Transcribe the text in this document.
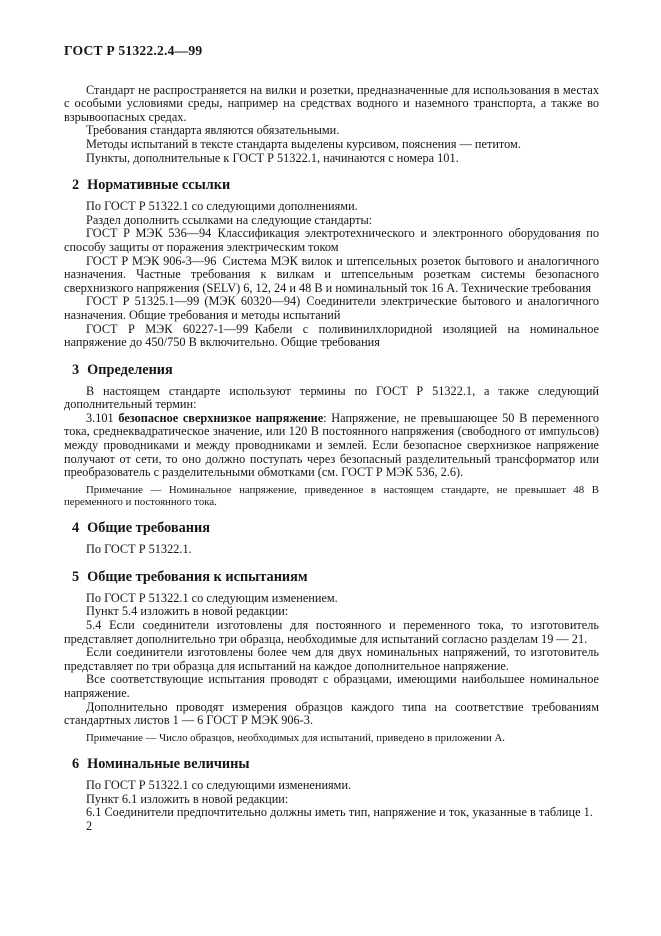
ГОСТ Р 51322.2.4—99

Стандарт не распространяется на вилки и розетки, предназначенные для использования в местах с особыми условиями среды, например на средствах водного и наземного транспорта, а также во взрывоопасных средах.

Требования стандарта являются обязательными.

Методы испытаний в тексте стандарта выделены курсивом, пояснения — петитом.

Пункты, дополнительные к ГОСТ Р 51322.1, начинаются с номера 101.

2 Нормативные ссылки

По ГОСТ Р 51322.1 со следующими дополнениями.

Раздел дополнить ссылками на следующие стандарты:

ГОСТ Р МЭК 536—94 Классификация электротехнического и электронного оборудования по способу защиты от поражения электрическим током

ГОСТ Р МЭК 906-3—96 Система МЭК вилок и штепсельных розеток бытового и аналогичного назначения. Частные требования к вилкам и штепсельным розеткам системы безопасного сверхнизкого напряжения (SELV) 6, 12, 24 и 48 В и номинальный ток 16 А. Технические требования

ГОСТ Р 51325.1—99 (МЭК 60320—94) Соединители электрические бытового и аналогичного назначения. Общие требования и методы испытаний

ГОСТ Р МЭК 60227-1—99 Кабели с поливинилхлоридной изоляцией на номинальное напряжение до 450/750 В включительно. Общие требования

3 Определения

В настоящем стандарте используют термины по ГОСТ Р 51322.1, а также следующий дополнительный термин:

3.101 безопасное сверхнизкое напряжение: Напряжение, не превышающее 50 В переменного тока, среднеквадратическое значение, или 120 В постоянного напряжения (свободного от импульсов) между проводниками и между проводниками и землей. Если безопасное сверхнизкое напряжение получают от сети, то оно должно поступать через безопасный разделительный трансформатор или преобразователь с разделительными обмотками (см. ГОСТ Р МЭК 536, 2.6).

Примечание — Номинальное напряжение, приведенное в настоящем стандарте, не превышает 48 В переменного и постоянного тока.

4 Общие требования

По ГОСТ Р 51322.1.

5 Общие требования к испытаниям

По ГОСТ Р 51322.1 со следующим изменением.

Пункт 5.4 изложить в новой редакции:

5.4 Если соединители изготовлены для постоянного и переменного тока, то изготовитель представляет дополнительно три образца, необходимые для испытаний согласно разделам 19 — 21.

Если соединители изготовлены более чем для двух номинальных напряжений, то изготовитель представляет по три образца для испытаний на каждое дополнительное напряжение.

Все соответствующие испытания проводят с образцами, имеющими наибольшее номинальное напряжение.

Дополнительно проводят измерения образцов каждого типа на соответствие требованиям стандартных листов 1 — 6 ГОСТ Р МЭК 906-3.

Примечание — Число образцов, необходимых для испытаний, приведено в приложении А.

6 Номинальные величины

По ГОСТ Р 51322.1 со следующими изменениями.

Пункт 6.1 изложить в новой редакции:

6.1 Соединители предпочтительно должны иметь тип, напряжение и ток, указанные в таблице 1.

2
